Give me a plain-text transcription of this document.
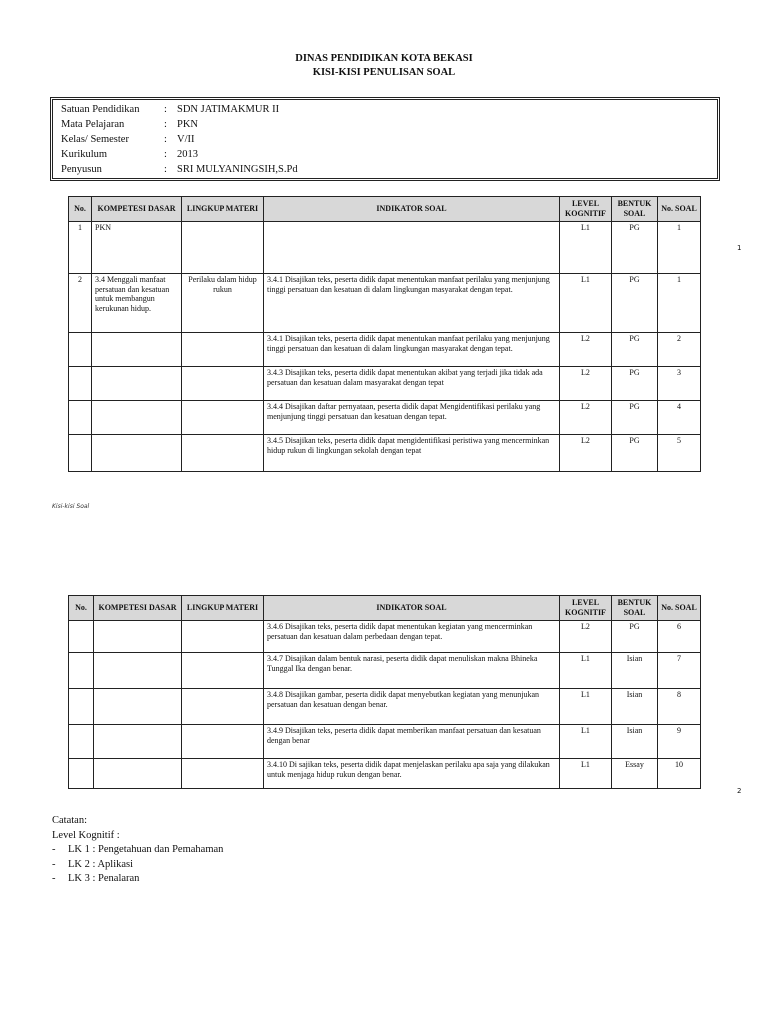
DINAS PENDIDIKAN KOTA BEKASI
KISI-KISI PENULISAN SOAL
Satuan Pendidikan	: SDN JATIMAKMUR II
Mata Pelajaran	: PKN
Kelas/ Semester	: V/II
Kurikulum	: 2013
Penyusun	: SRI MULYANINGSIH,S.Pd
No.	KOMPETESI DASAR	LINGKUP MATERI	INDIKATOR SOAL	LEVEL KOGNITIF	BENTUK SOAL	No. SOAL
1	PKN			L1	PG	1
2	3.4 Menggali manfaat persatuan dan kesatuan untuk membangun kerukunan hidup.	Perilaku dalam hidup rukun	3.4.1 Disajikan teks, peserta didik dapat menentukan manfaat perilaku yang menjunjung tinggi persatuan dan kesatuan di dalam lingkungan masyarakat dengan tepat.	L1	PG	1
			3.4.1 Disajikan teks, peserta didik dapat menentukan manfaat perilaku yang menjunjung tinggi persatuan dan kesatuan di dalam lingkungan masyarakat dengan tepat.	L2	PG	2
			3.4.3 Disajikan teks, peserta didik dapat menentukan akibat yang terjadi jika tidak ada persatuan dan kesatuan dalam masyarakat dengan tepat	L2	PG	3
			3.4.4 Disajikan daftar pernyataan, peserta didik dapat Mengidentifikasi perilaku yang menjunjung tinggi persatuan dan kesatuan dengan tepat.	L2	PG	4
			3.4.5 Disajikan teks, peserta didik dapat mengidentifikasi peristiwa yang mencerminkan hidup rukun di lingkungan sekolah dengan tepat	L2	PG	5
1
Kisi-kisi Soal
No.	KOMPETESI DASAR	LINGKUP MATERI	INDIKATOR SOAL	LEVEL KOGNITIF	BENTUK SOAL	No. SOAL
			3.4.6 Disajikan teks, peserta didik dapat menentukan kegiatan yang mencerminkan persatuan dan kesatuan dalam perbedaan dengan tepat.	L2	PG	6
			3.4.7 Disajikan dalam bentuk narasi, peserta didik dapat menuliskan makna Bhineka Tunggal Ika dengan benar.	L1	Isian	7
			3.4.8 Disajikan gambar, peserta didik dapat menyebutkan kegiatan yang menunjukan persatuan dan kesatuan dengan benar.	L1	Isian	8
			3.4.9 Disajikan teks, peserta didik dapat memberikan manfaat persatuan dan kesatuan dengan benar	L1	Isian	9
			3.4.10 Di sajikan teks, peserta didik dapat menjelaskan perilaku apa saja yang dilakukan untuk menjaga hidup rukun dengan benar.	L1	Essay	10
2
Catatan:
Level Kognitif :
- LK 1 : Pengetahuan dan Pemahaman
- LK 2 : Aplikasi
- LK 3 : Penalaran
